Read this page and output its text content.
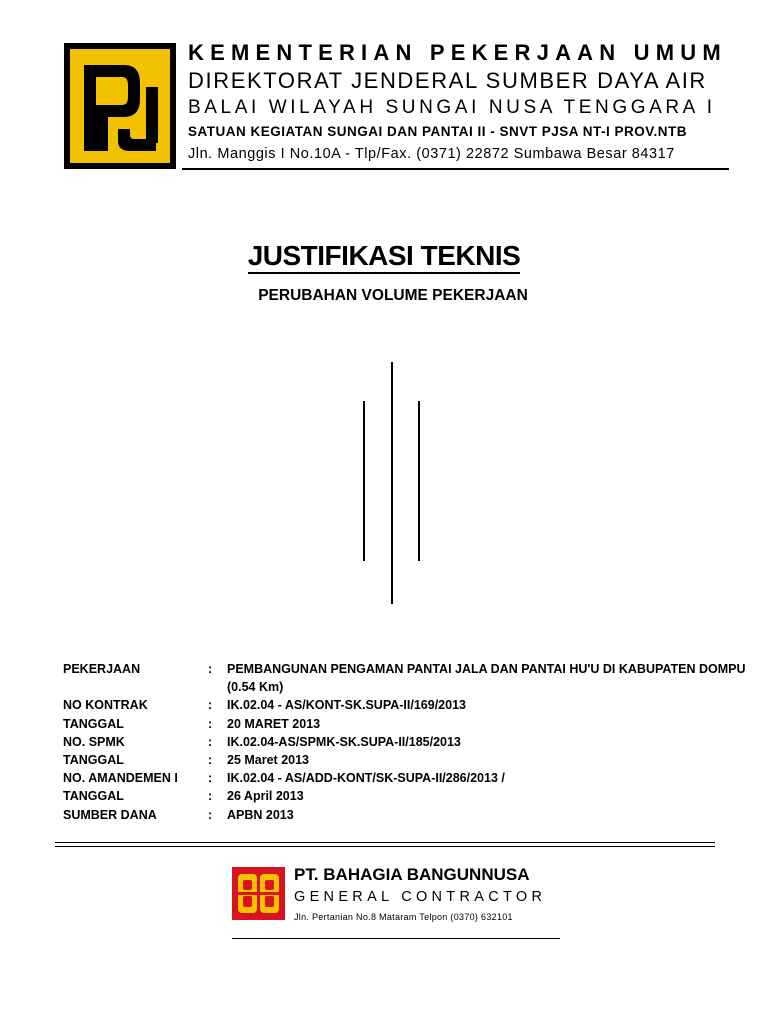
KEMENTERIAN PEKERJAAN UMUM
DIREKTORAT JENDERAL SUMBER DAYA AIR
BALAI WILAYAH SUNGAI NUSA TENGGARA I
SATUAN KEGIATAN SUNGAI DAN PANTAI II - SNVT PJSA NT-I PROV.NTB
Jln. Manggis I No.10A - Tlp/Fax. (0371) 22872 Sumbawa Besar 84317
JUSTIFIKASI TEKNIS
PERUBAHAN VOLUME PEKERJAAN
PEKERJAAN	: PEMBANGUNAN PENGAMAN PANTAI JALA DAN PANTAI HU'U DI KABUPATEN DOMPU (0.54 Km)
NO KONTRAK	: IK.02.04 - AS/KONT-SK.SUPA-II/169/2013
TANGGAL	: 20 MARET 2013
NO. SPMK	: IK.02.04-AS/SPMK-SK.SUPA-II/185/2013
TANGGAL	: 25 Maret 2013
NO. AMANDEMEN I	: IK.02.04 - AS/ADD-KONT/SK-SUPA-II/286/2013 /
TANGGAL	: 26 April 2013
SUMBER DANA	: APBN 2013
PT. BAHAGIA BANGUNNUSA
GENERAL CONTRACTOR
Jln. Pertanian No.8 Mataram Telpon (0370) 632101
